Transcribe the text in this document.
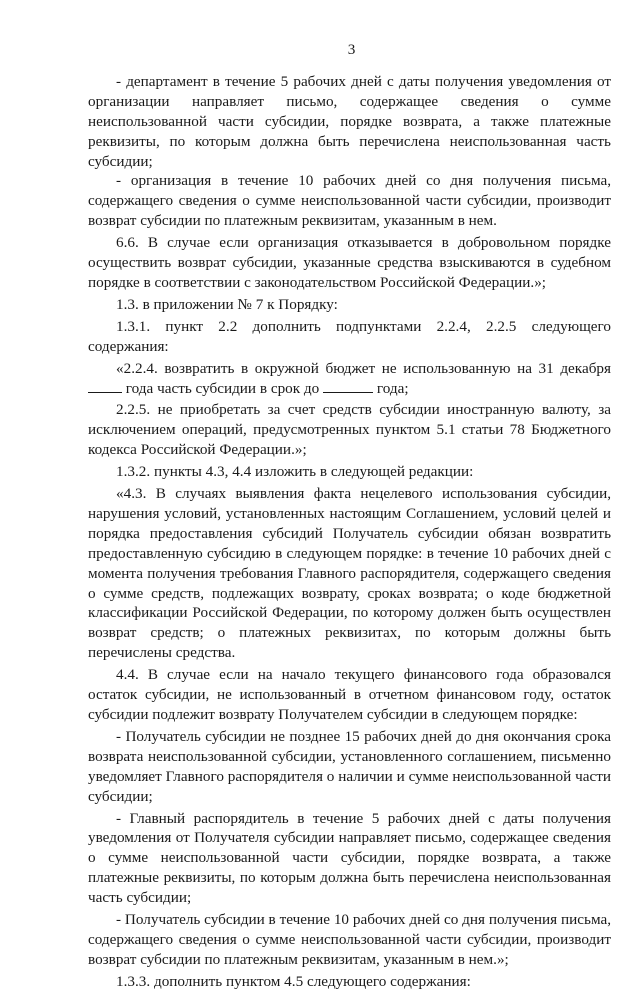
3

- департамент в течение 5 рабочих дней с даты получения уведомления от организации направляет письмо, содержащее сведения о сумме неиспользованной части субсидии, порядке возврата, а также платежные реквизиты, по которым должна быть перечислена неиспользованная часть субсидии;

- организация в течение 10 рабочих дней со дня получения письма, содержащего сведения о сумме неиспользованной части субсидии, производит возврат субсидии по платежным реквизитам, указанным в нем.

6.6. В случае если организация отказывается в добровольном порядке осуществить возврат субсидии, указанные средства взыскиваются в судебном порядке в соответствии с законодательством Российской Федерации.»;

1.3. в приложении № 7 к Порядку:

1.3.1. пункт 2.2 дополнить подпунктами 2.2.4, 2.2.5 следующего содержания:

«2.2.4. возвратить в окружной бюджет не использованную на 31 декабря  года часть субсидии в срок до	года;

2.2.5. не приобретать за счет средств субсидии иностранную валюту, за исключением операций, предусмотренных пунктом 5.1 статьи 78 Бюджетного кодекса Российской Федерации.»;

1.3.2. пункты 4.3, 4.4 изложить в следующей редакции:

«4.3. В случаях выявления факта нецелевого использования субсидии, нарушения условий, установленных настоящим Соглашением, условий целей и порядка предоставления субсидий Получатель субсидии обязан возвратить предоставленную субсидию в следующем порядке: в течение 10 рабочих дней с момента получения требования Главного распорядителя, содержащего сведения о сумме средств, подлежащих возврату, сроках возврата; о коде бюджетной классификации Российской Федерации, по которому должен быть осуществлен возврат средств; о платежных реквизитах, по которым должны быть перечислены средства.

4.4. В случае если на начало текущего финансового года образовался остаток субсидии, не использованный в отчетном финансовом году, остаток субсидии подлежит возврату Получателем субсидии в следующем порядке:

- Получатель субсидии не позднее 15 рабочих дней до дня окончания срока возврата неиспользованной субсидии, установленного соглашением, письменно уведомляет Главного распорядителя о наличии и сумме неиспользованной части субсидии;

- Главный распорядитель в течение 5 рабочих дней с даты получения уведомления от Получателя субсидии направляет письмо, содержащее сведения о сумме неиспользованной части субсидии, порядке возврата, а также платежные реквизиты, по которым должна быть перечислена неиспользованная часть субсидии;

- Получатель субсидии в течение 10 рабочих дней со дня получения письма, содержащего сведения о сумме неиспользованной части субсидии, производит возврат субсидии по платежным реквизитам, указанным в нем.»;

1.3.3. дополнить пунктом 4.5 следующего содержания:
